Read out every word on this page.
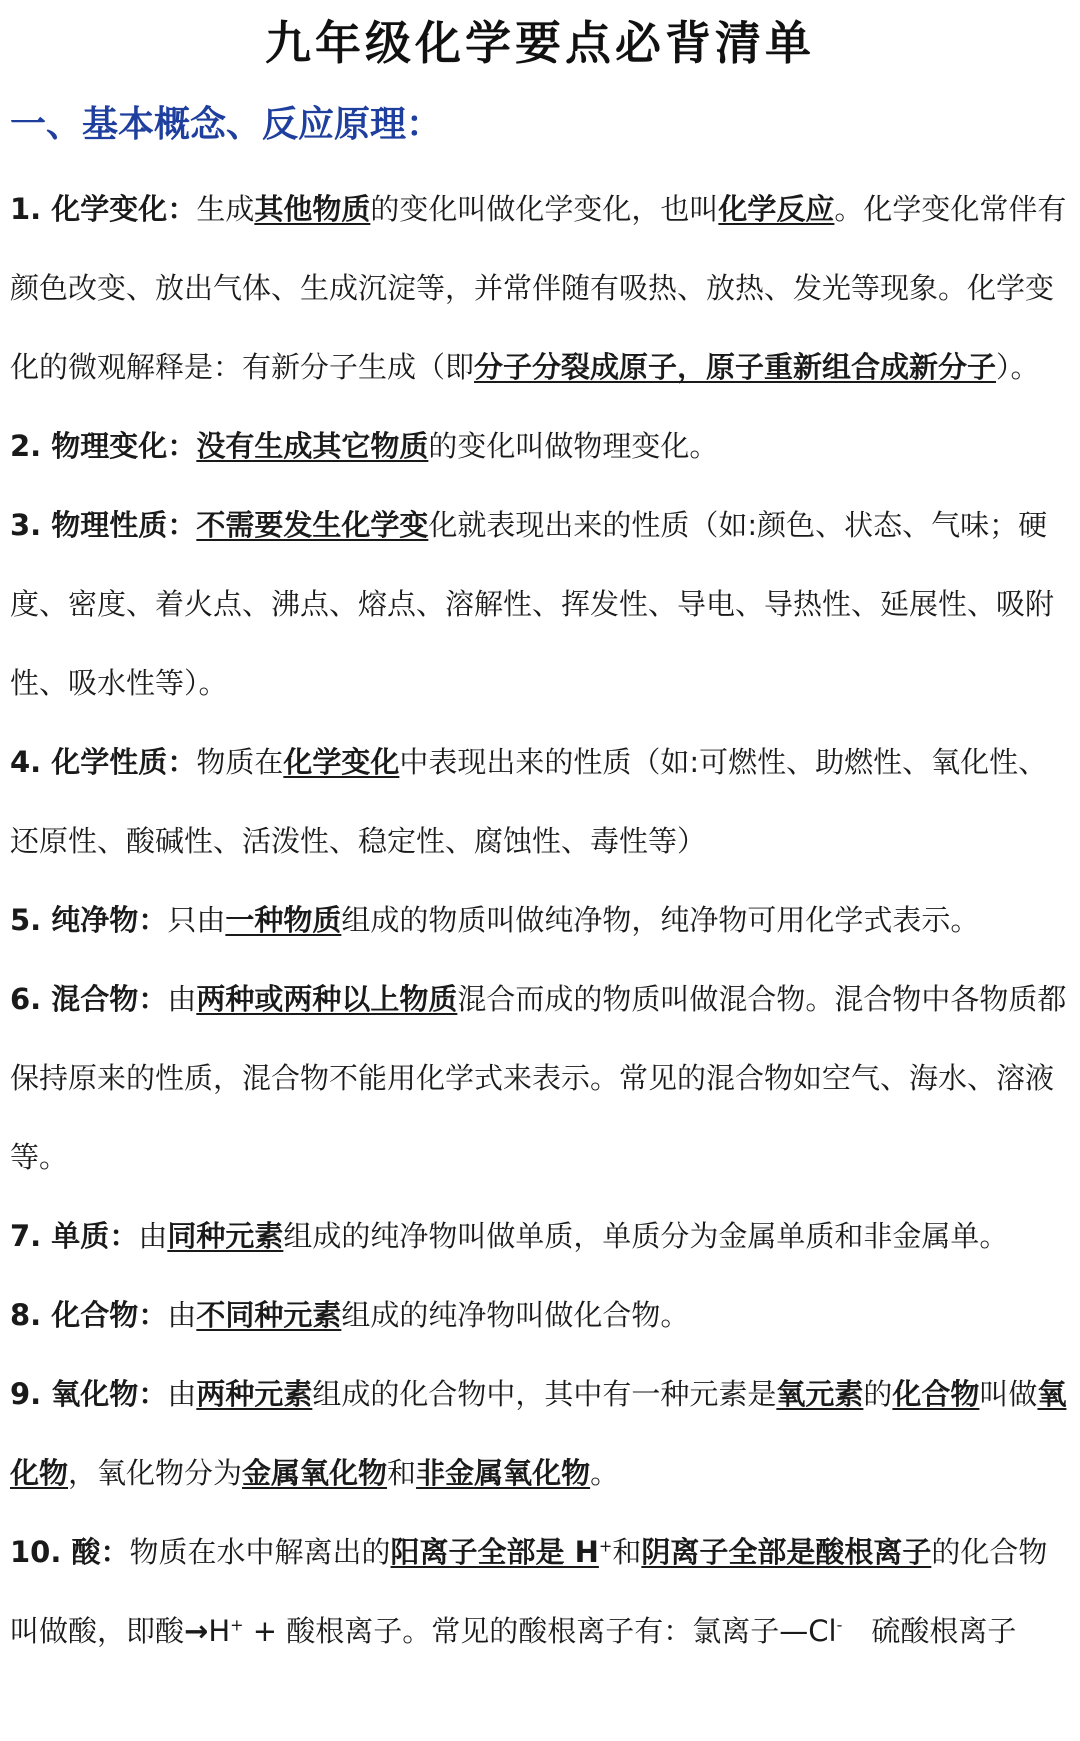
九年级化学要点必背清单
一、基本概念、反应原理：
1. 化学变化：生成其他物质的变化叫做化学变化，也叫化学反应。化学变化常伴有颜色改变、放出气体、生成沉淀等，并常伴随有吸热、放热、发光等现象。化学变化的微观解释是：有新分子生成（即分子分裂成原子，原子重新组合成新分子）。
2. 物理变化：没有生成其它物质的变化叫做物理变化。
3. 物理性质：不需要发生化学变化就表现出来的性质（如:颜色、状态、气味；硬度、密度、着火点、沸点、熔点、溶解性、挥发性、导电、导热性、延展性、吸附性、吸水性等）。
4. 化学性质：物质在化学变化中表现出来的性质（如:可燃性、助燃性、氧化性、还原性、酸碱性、活泼性、稳定性、腐蚀性、毒性等）
5. 纯净物：只由一种物质组成的物质叫做纯净物，纯净物可用化学式表示。
6. 混合物：由两种或两种以上物质混合而成的物质叫做混合物。混合物中各物质都保持原来的性质，混合物不能用化学式来表示。常见的混合物如空气、海水、溶液等。
7. 单质：由同种元素组成的纯净物叫做单质，单质分为金属单质和非金属单。
8. 化合物：由不同种元素组成的纯净物叫做化合物。
9. 氧化物：由两种元素组成的化合物中，其中有一种元素是氧元素的化合物叫做氧化物，氧化物分为金属氧化物和非金属氧化物。
10. 酸：物质在水中解离出的阳离子全部是 H+和阴离子全部是酸根离子的化合物叫做酸，即酸→H+ + 酸根离子。常见的酸根离子有：氯离子—Cl-　硫酸根离子
